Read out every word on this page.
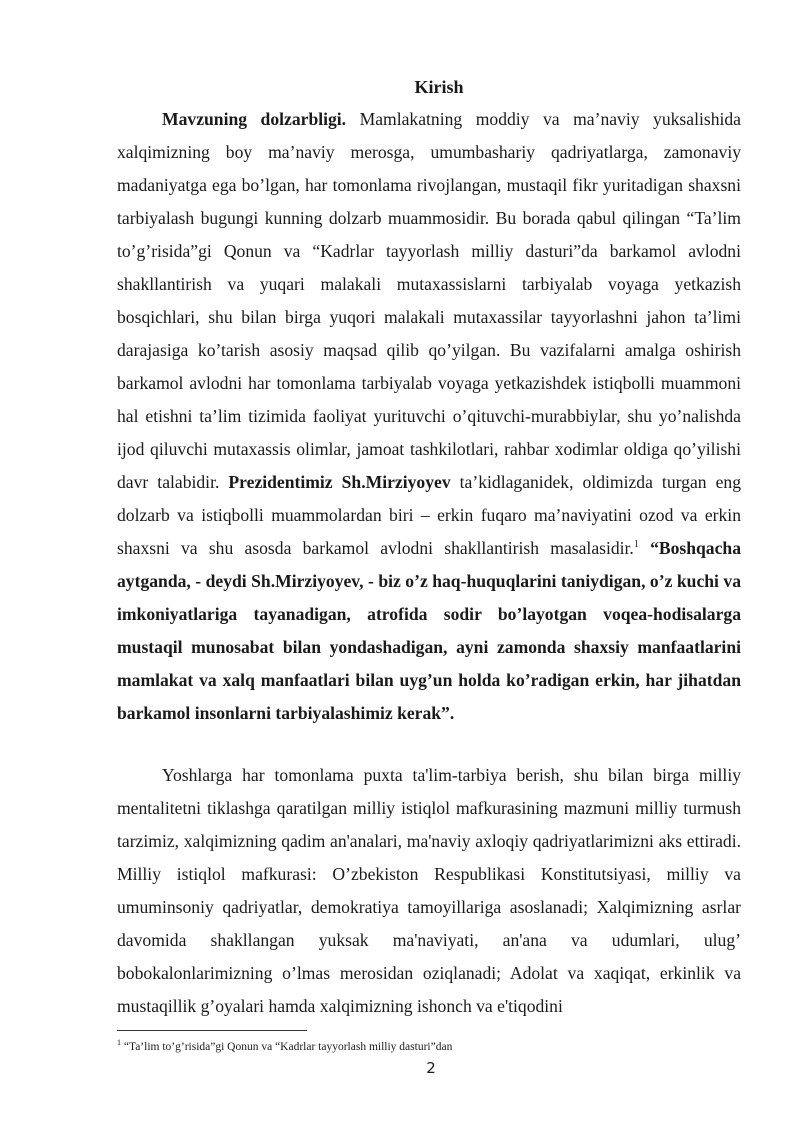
Kirish

Mavzuning dolzarbligi. Mamlakatning moddiy va ma’naviy yuksalishida xalqimizning boy ma’naviy merosga, umumbashariy qadriyatlarga, zamonaviy madaniyatga ega bo’lgan, har tomonlama rivojlangan, mustaqil fikr yuritadigan shaxsni tarbiyalash bugungi kunning dolzarb muammosidir. Bu borada qabul qilingan “Ta’lim to’g’risida”gi Qonun va “Kadrlar tayyorlash milliy dasturi”da barkamol avlodni shakllantirish va yuqari malakali mutaxassislarni tarbiyalab voyaga yetkazish bosqichlari, shu bilan birga yuqori malakali mutaxassilar tayyorlashni jahon ta’limi darajasiga ko’tarish asosiy maqsad qilib qo’yilgan. Bu vazifalarni amalga oshirish barkamol avlodni har tomonlama tarbiyalab voyaga yetkazishdek istiqbolli muammoni hal etishni ta’lim tizimida faoliyat yurituvchi o’qituvchi-murabbiylar, shu yo’nalishda ijod qiluvchi mutaxassis olimlar, jamoat tashkilotlari, rahbar xodimlar oldiga qo’yilishi davr talabidir. Prezidentimiz Sh.Mirziyoyev ta’kidlaganidek, oldimizda turgan eng dolzarb va istiqbolli muammolardan biri – erkin fuqaro ma’naviyatini ozod va erkin shaxsni va shu asosda barkamol avlodni shakllantirish masalasidir.$^1$ “Boshqacha aytganda, - deydi Sh.Mirziyoyev, - biz o’z haq-huquqlarini taniydigan, o’z kuchi va imkoniyatlariga tayanadigan, atrofida sodir bo’layotgan voqea-hodisalarga mustaqil munosabat bilan yondashadigan, ayni zamonda shaxsiy manfaatlarini mamlakat va xalq manfaatlari bilan uyg’un holda ko’radigan erkin, har jihatdan barkamol insonlarni tarbiyalashimiz kerak”.

Yoshlarga har tomonlama puxta ta'lim-tarbiya berish, shu bilan birga milliy mentalitetni tiklashga qaratilgan milliy istiqlol mafkurasining mazmuni milliy turmush tarzimiz, xalqimizning qadim an'analari, ma'naviy axloqiy qadriyatlarimizni aks ettiradi. Milliy istiqlol mafkurasi: O’zbekiston Respublikasi Konstitutsiyasi, milliy va umuminsoniy qadriyatlar, demokratiya tamoyillariga asoslanadi; Xalqimizning asrlar davomida shakllangan yuksak ma'naviyati, an'ana va udumlari, ulug’ bobokalonlarimizning o’lmas merosidan oziqlanadi; Adolat va xaqiqat, erkinlik va mustaqillik g’oyalari hamda xalqimizning ishonch va e'tiqodini

$^1$ “Ta’lim to’g’risida”gi Qonun va “Kadrlar tayyorlash milliy dasturi”dan
2
